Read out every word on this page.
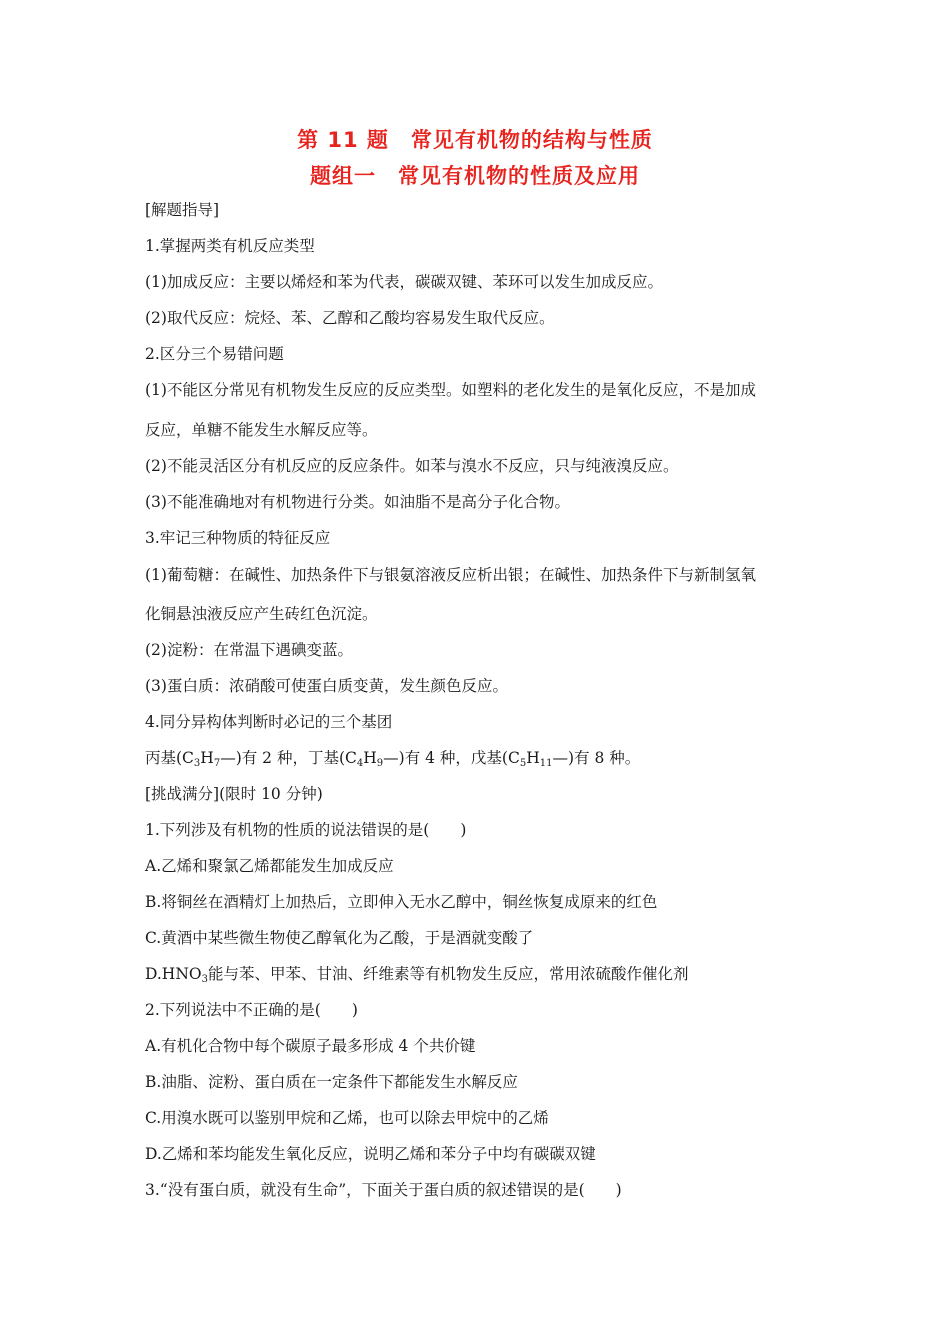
第 11 题　常见有机物的结构与性质
题组一　常见有机物的性质及应用
[解题指导]
1.掌握两类有机反应类型
(1)加成反应：主要以烯烃和苯为代表，碳碳双键、苯环可以发生加成反应。
(2)取代反应：烷烃、苯、乙醇和乙酸均容易发生取代反应。
2.区分三个易错问题
(1)不能区分常见有机物发生反应的反应类型。如塑料的老化发生的是氧化反应，不是加成
反应，单糖不能发生水解反应等。
(2)不能灵活区分有机反应的反应条件。如苯与溴水不反应，只与纯液溴反应。
(3)不能准确地对有机物进行分类。如油脂不是高分子化合物。
3.牢记三种物质的特征反应
(1)葡萄糖：在碱性、加热条件下与银氨溶液反应析出银；在碱性、加热条件下与新制氢氧
化铜悬浊液反应产生砖红色沉淀。
(2)淀粉：在常温下遇碘变蓝。
(3)蛋白质：浓硝酸可使蛋白质变黄，发生颜色反应。
4.同分异构体判断时必记的三个基团
丙基$(C_3H_7—)$有 2 种，丁基$(C_4H_9—)$有 4 种，戊基$(C_5H_{11}—)$有 8 种。
[挑战满分](限时 10 分钟)
1.下列涉及有机物的性质的说法错误的是(　　)
A.乙烯和聚氯乙烯都能发生加成反应
B.将铜丝在酒精灯上加热后，立即伸入无水乙醇中，铜丝恢复成原来的红色
C.黄酒中某些微生物使乙醇氧化为乙酸，于是酒就变酸了
$D.HNO_3$能与苯、甲苯、甘油、纤维素等有机物发生反应，常用浓硫酸作催化剂
2.下列说法中不正确的是(　　)
A.有机化合物中每个碳原子最多形成 4 个共价键
B.油脂、淀粉、蛋白质在一定条件下都能发生水解反应
C.用溴水既可以鉴别甲烷和乙烯，也可以除去甲烷中的乙烯
D.乙烯和苯均能发生氧化反应，说明乙烯和苯分子中均有碳碳双键
3.“没有蛋白质，就没有生命”，下面关于蛋白质的叙述错误的是(　　)
